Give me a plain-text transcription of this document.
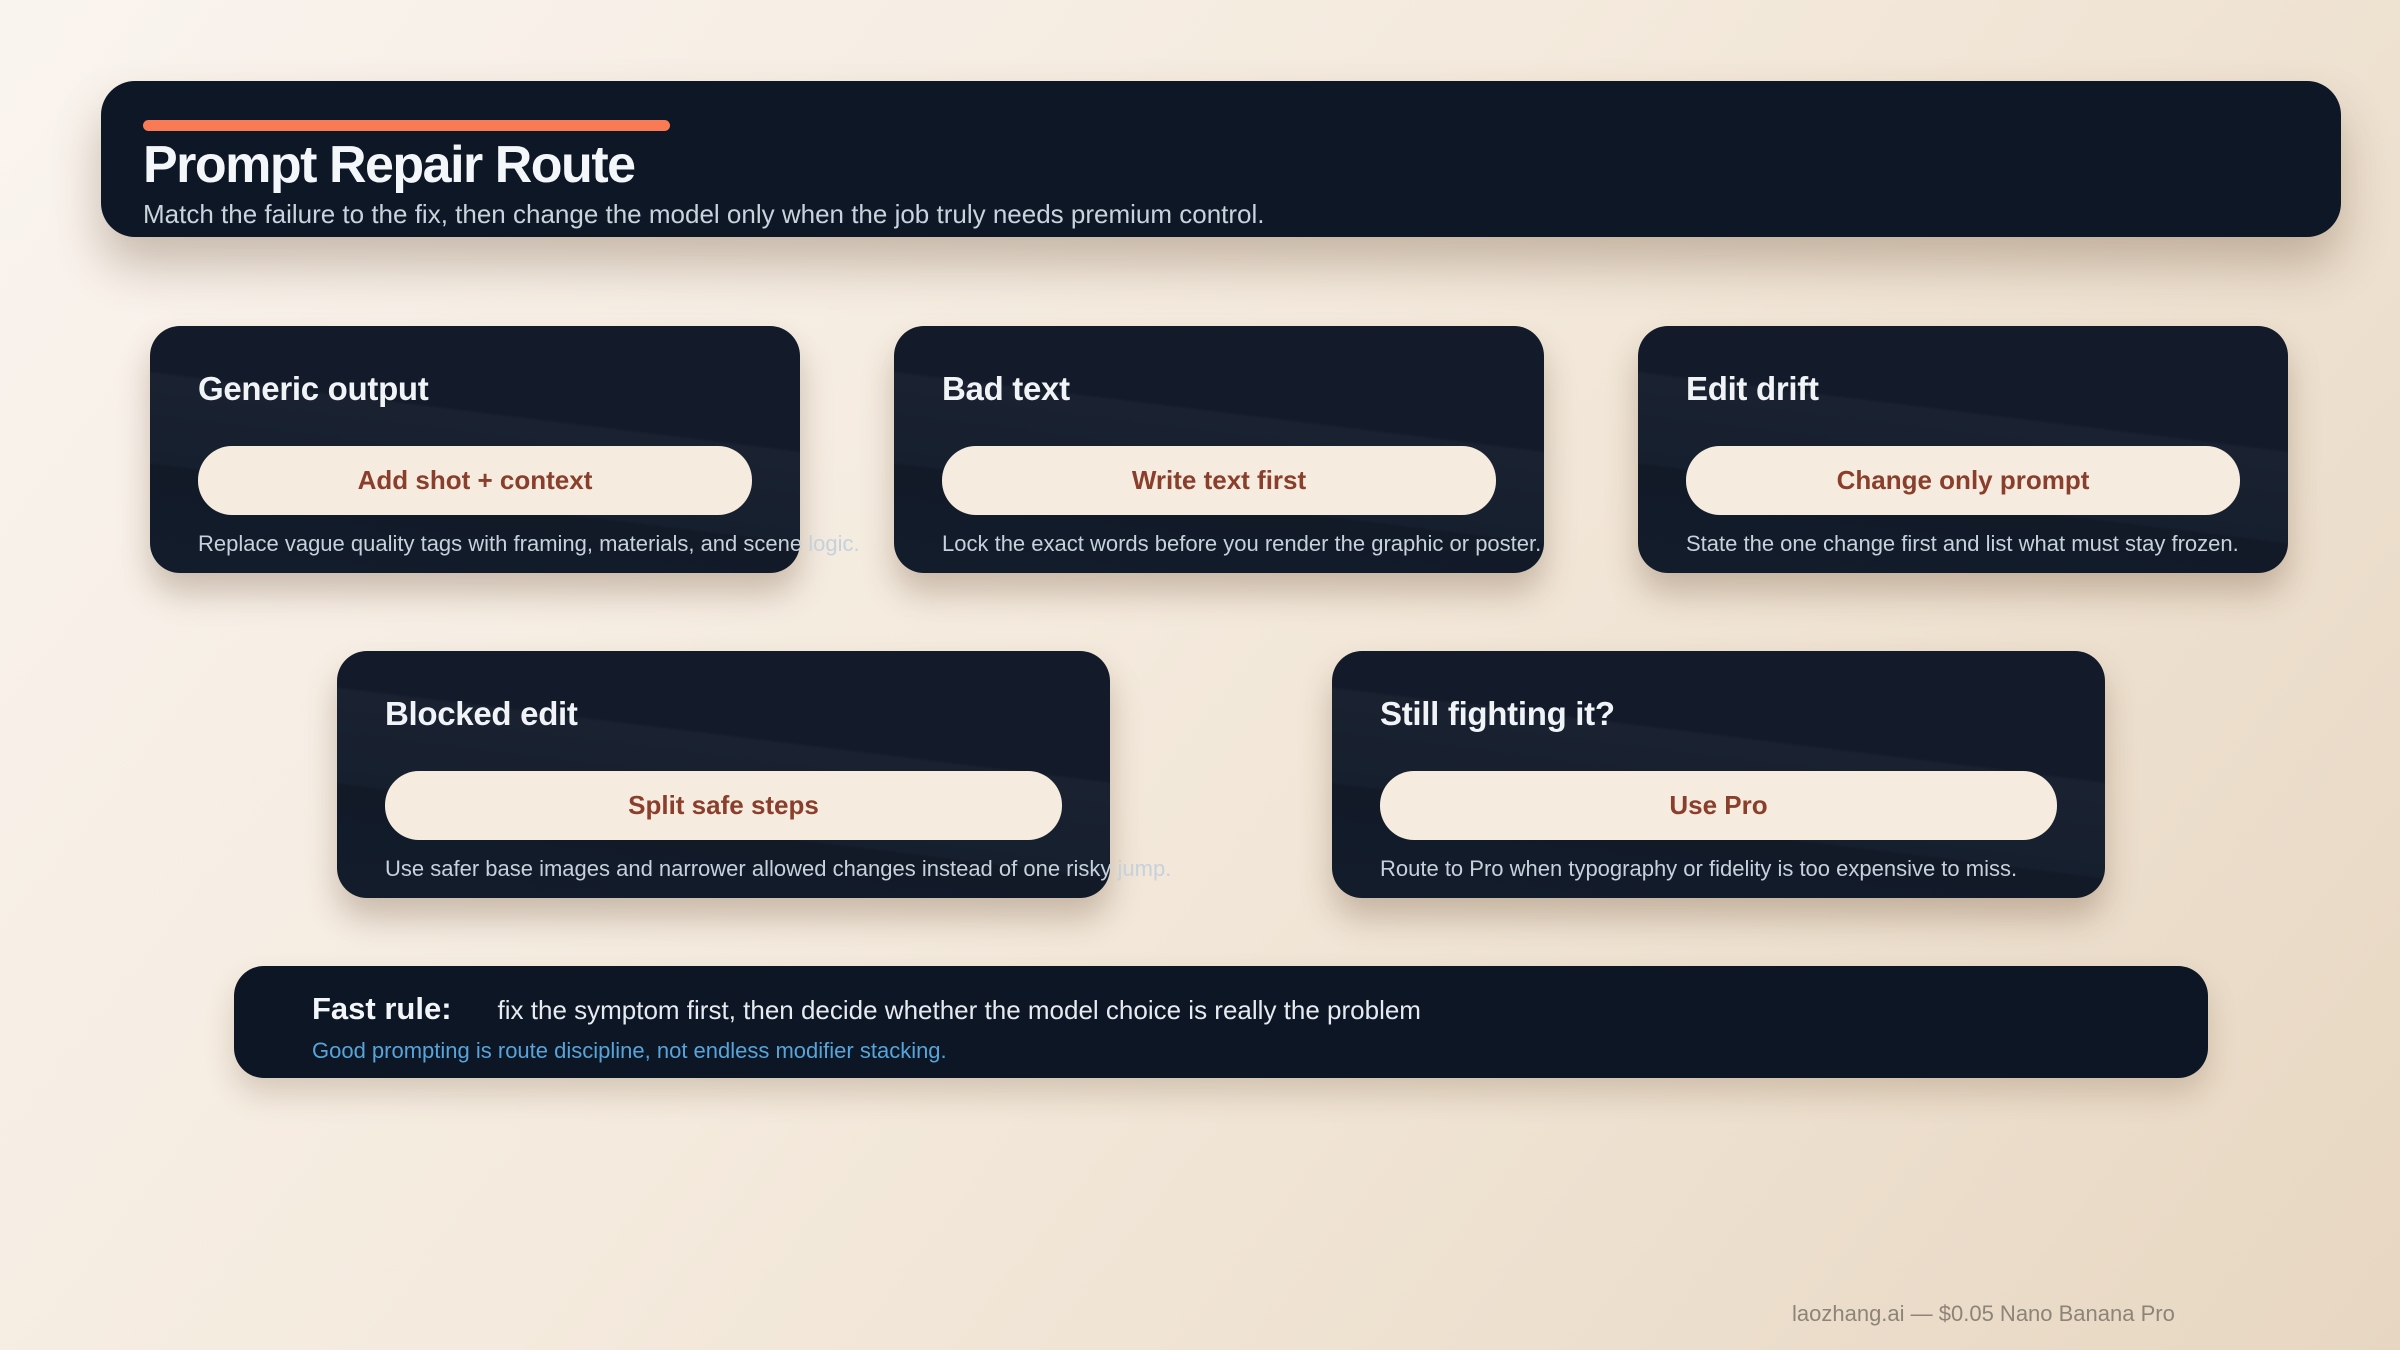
Prompt Repair Route

Match the failure to the fix, then change the model only when the job truly needs premium control.

Generic output
Add shot + context

Replace vague quality tags with framing, materials, and scene logic.

Bad text
Write text first

Lock the exact words before you render the graphic or poster.

Edit drift
Change only prompt

State the one change first and list what must stay frozen.

Blocked edit
Split safe steps

Use safer base images and narrower allowed changes instead of one risky jump.

Still fighting it?
Use Pro

Route to Pro when typography or fidelity is too expensive to miss.

Fast rule: fix the symptom first, then decide whether the model choice is really the problem
Good prompting is route discipline, not endless modifier stacking.
laozhang.ai — $0.05 Nano Banana Pro
